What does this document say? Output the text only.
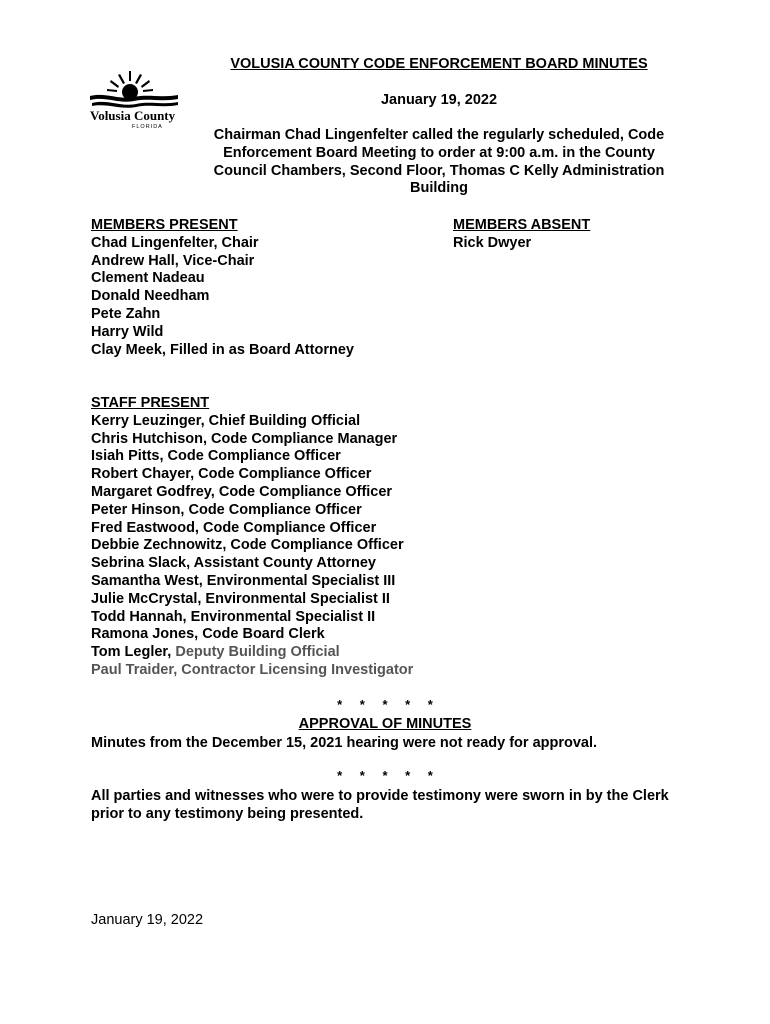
Volusia County
FLORIDA
VOLUSIA COUNTY CODE ENFORCEMENT BOARD MINUTES
January 19, 2022
Chairman Chad Lingenfelter called the regularly scheduled, Code Enforcement Board Meeting to order at 9:00 a.m. in the County Council Chambers, Second Floor, Thomas C Kelly Administration Building
MEMBERS PRESENT
Chad Lingenfelter, Chair
Andrew Hall, Vice-Chair
Clement Nadeau
Donald Needham
Pete Zahn
Harry Wild
Clay Meek, Filled in as Board Attorney
MEMBERS ABSENT
Rick Dwyer
STAFF PRESENT
Kerry Leuzinger, Chief Building Official
Chris Hutchison, Code Compliance Manager
Isiah Pitts, Code Compliance Officer
Robert Chayer, Code Compliance Officer
Margaret Godfrey, Code Compliance Officer
Peter Hinson, Code Compliance Officer
Fred Eastwood, Code Compliance Officer
Debbie Zechnowitz, Code Compliance Officer
Sebrina Slack, Assistant County Attorney
Samantha West, Environmental Specialist III
Julie McCrystal, Environmental Specialist II
Todd Hannah, Environmental Specialist II
Ramona Jones, Code Board Clerk
Tom Legler, Deputy Building Official
Paul Traider, Contractor Licensing Investigator
* * * * *
APPROVAL OF MINUTES
Minutes from the December 15, 2021 hearing were not ready for approval.
* * * * *
All parties and witnesses who were to provide testimony were sworn in by the Clerk prior to any testimony being presented.
January 19, 2022
